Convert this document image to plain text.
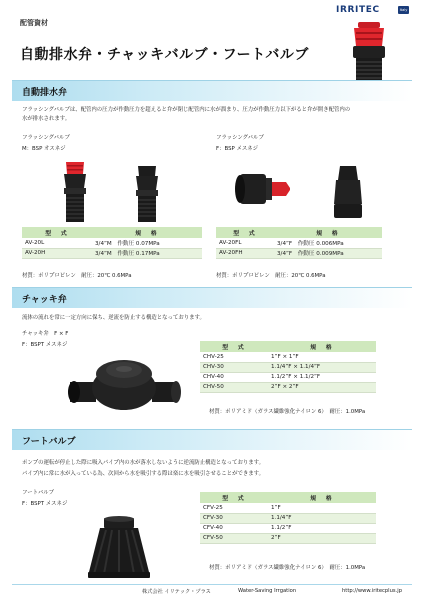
配管資材
自動排水弁・チャッキバルブ・フートバルブ
IRRITEC	Italy
自動排水弁
フラッシングバルブは、配管内の圧力が作動圧力を超えると弁が閉じ配管内に水が溜まり、圧力が作動圧力以下がると弁が開き配管内の
水が排水されます。
フラッシングバルブ
M：BSP オスネジ
フラッシングバルブ
F：BSP メスネジ
型　式	規　格
AV-20L	3/4”M　作動圧 0.07MPa
AV-20H	3/4”M　作動圧 0.17MPa
材質：ポリプロピレン　耐圧：20℃ 0.6MPa
型　式	規　格
AV-20FL	3/4”F　作動圧 0.006MPa
AV-20FH	3/4”F　作動圧 0.009MPa
材質：ポリプロピレン　耐圧：20℃ 0.6MPa
チャッキ弁
流体の流れを常に一定方向に保ち、逆流を防止する構造となっております。
チャッキ弁　F × F
F：BSPT メスネジ	型　式	規　格
CHV-25	1”F × 1”F
CHV-30	1.1/4”F × 1.1/4”F
CHV-40	1.1/2”F × 1.1/2”F
CHV-50	2”F × 2”F
材質：ポリアミド（ガラス繊維強化ナイロン 6）　耐圧：1.0MPa
フートバルブ
ポンプの運転が停止した際に吸入パイプ内の水が落水しないように逆流防止構造となっております。
パイプ内に常に水が入っている為、次回から水を吸引する際は楽に水を吸引させることができます。
フートバルブ
F：BSPT メスネジ
型　式	規　格
CFV-25	1”F
CFV-30	1.1/4”F
CFV-40	1.1/2”F
CFV-50	2”F
材質：ポリアミド（ガラス繊維強化ナイロン 6）　耐圧：1.0MPa
株式会社 イリテック・プラス	Water-Saving Irrgation	http://www.iritecplus.jp
